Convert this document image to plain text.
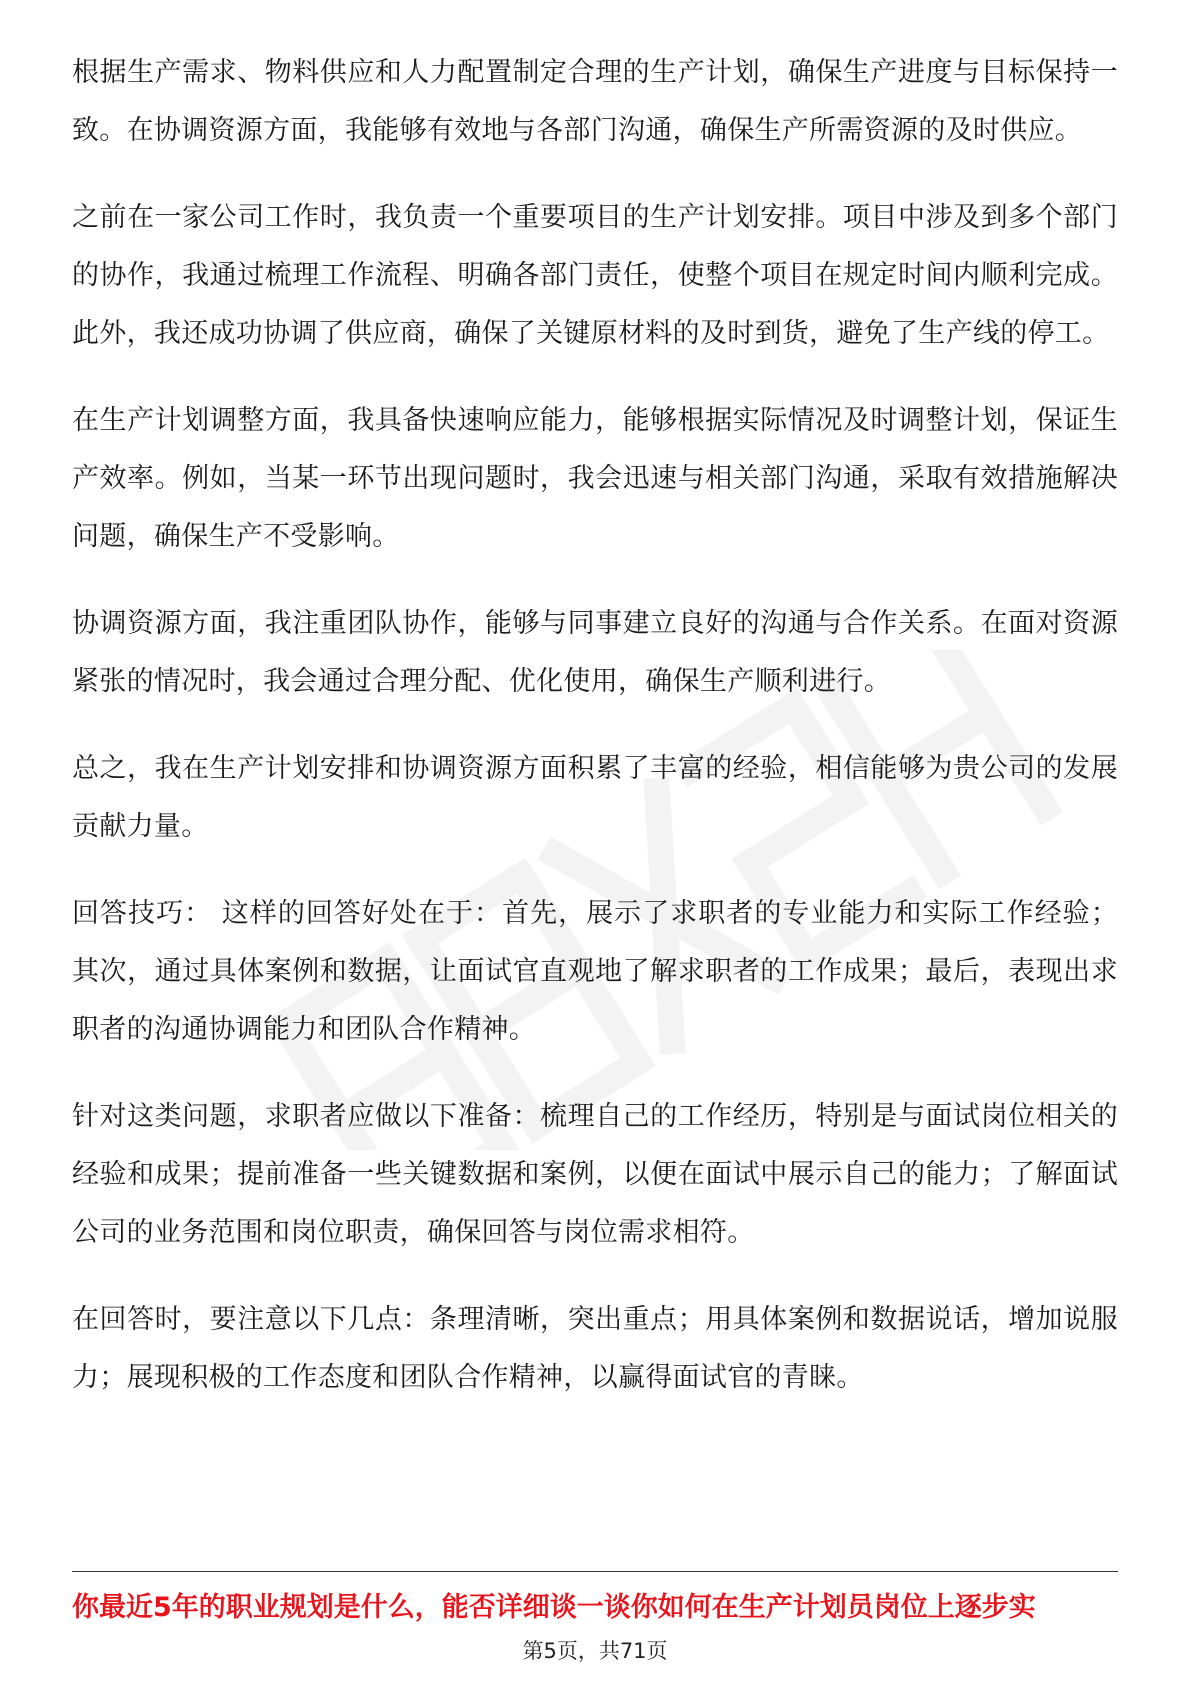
根据生产需求、物料供应和人力配置制定合理的生产计划，确保生产进度与目标保持一致。在协调资源方面，我能够有效地与各部门沟通，确保生产所需资源的及时供应。

之前在一家公司工作时，我负责一个重要项目的生产计划安排。项目中涉及到多个部门的协作，我通过梳理工作流程、明确各部门责任，使整个项目在规定时间内顺利完成。此外，我还成功协调了供应商，确保了关键原材料的及时到货，避免了生产线的停工。

在生产计划调整方面，我具备快速响应能力，能够根据实际情况及时调整计划，保证生产效率。例如，当某一环节出现问题时，我会迅速与相关部门沟通，采取有效措施解决问题，确保生产不受影响。

协调资源方面，我注重团队协作，能够与同事建立良好的沟通与合作关系。在面对资源紧张的情况时，我会通过合理分配、优化使用，确保生产顺利进行。

总之，我在生产计划安排和协调资源方面积累了丰富的经验，相信能够为贵公司的发展贡献力量。

回答技巧： 这样的回答好处在于：首先，展示了求职者的专业能力和实际工作经验；其次，通过具体案例和数据，让面试官直观地了解求职者的工作成果；最后，表现出求职者的沟通协调能力和团队合作精神。

针对这类问题，求职者应做以下准备：梳理自己的工作经历，特别是与面试岗位相关的经验和成果；提前准备一些关键数据和案例，以便在面试中展示自己的能力；了解面试公司的业务范围和岗位职责，确保回答与岗位需求相符。

在回答时，要注意以下几点：条理清晰，突出重点；用具体案例和数据说话，增加说服力；展现积极的工作态度和团队合作精神，以赢得面试官的青睐。

你最近5年的职业规划是什么，能否详细谈一谈你如何在生产计划员岗位上逐步实
第5页，共71页
